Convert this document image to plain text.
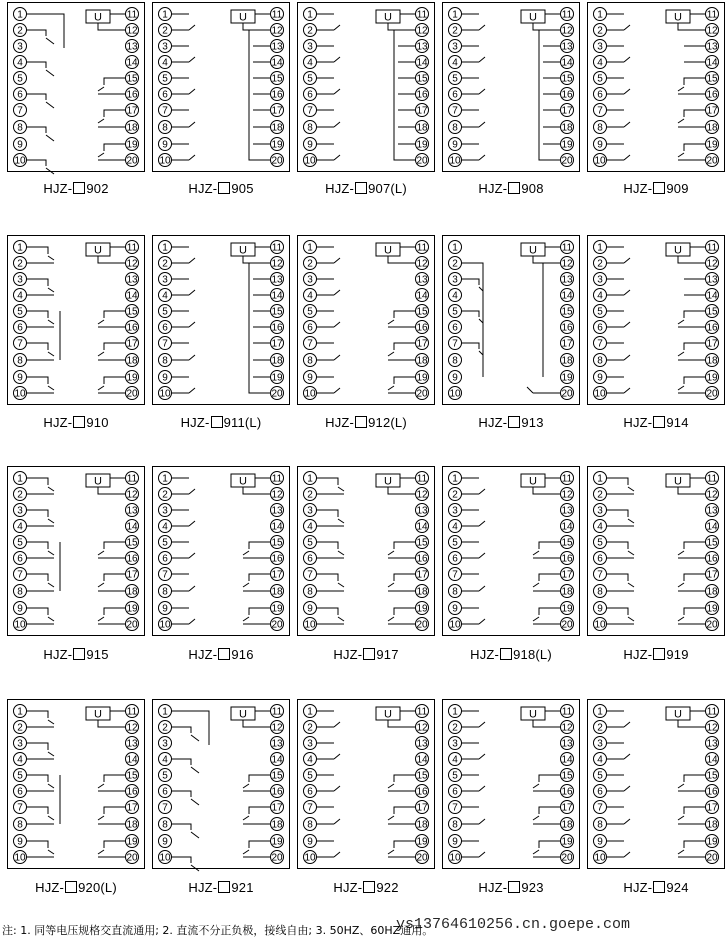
1
2
3
4
5
6
7
8
9
10
11
12
13
14
15
16
17
18
19
20
U
HJZ- 902
1
2
3
4
5
6
7
8
9
10
11
12
13
14
15
16
17
18
19
20
U
HJZ- 905
1
2
3
4
5
6
7
8
9
10
11
12
13
14
15
16
17
18
19
20
U
HJZ- 907(L)
1
2
3
4
5
6
7
8
9
10
11
12
13
14
15
16
17
18
19
20
U
HJZ- 908
1
2
3
4
5
6
7
8
9
10
11
12
13
14
15
16
17
18
19
20
U
HJZ- 909
1
2
3
4
5
6
7
8
9
10
11
12
13
14
15
16
17
18
19
20
U
HJZ- 910
1
2
3
4
5
6
7
8
9
10
11
12
13
14
15
16
17
18
19
20
U
HJZ- 911(L)
1
2
3
4
5
6
7
8
9
10
11
12
13
14
15
16
17
18
19
20
U
HJZ- 912(L)
1
2
3
4
5
6
7
8
9
10
11
12
13
14
15
16
17
18
19
20
U
HJZ- 913
1
2
3
4
5
6
7
8
9
10
11
12
13
14
15
16
17
18
19
20
U
HJZ- 914
1
2
3
4
5
6
7
8
9
10
11
12
13
14
15
16
17
18
19
20
U
HJZ- 915
1
2
3
4
5
6
7
8
9
10
11
12
13
14
15
16
17
18
19
20
U
HJZ- 916
1
2
3
4
5
6
7
8
9
10
11
12
13
14
15
16
17
18
19
20
U
HJZ- 917
1
2
3
4
5
6
7
8
9
10
11
12
13
14
15
16
17
18
19
20
U
HJZ- 918(L)
1
2
3
4
5
6
7
8
9
10
11
12
13
14
15
16
17
18
19
20
U
HJZ- 919
1
2
3
4
5
6
7
8
9
10
11
12
13
14
15
16
17
18
19
20
U
HJZ- 920(L)
1
2
3
4
5
6
7
8
9
10
11
12
13
14
15
16
17
18
19
20
U
HJZ- 921
1
2
3
4
5
6
7
8
9
10
11
12
13
14
15
16
17
18
19
20
U
HJZ- 922
1
2
3
4
5
6
7
8
9
10
11
12
13
14
15
16
17
18
19
20
U
HJZ- 923
1
2
3
4
5
6
7
8
9
10
11
12
13
14
15
16
17
18
19
20
U
HJZ- 924
ys13764610256.cn.goepe.com
注: 1. 同等电压规格交直流通用; 2. 直流不分正负极，接线自由; 3. 50HZ、60HZ通用。
